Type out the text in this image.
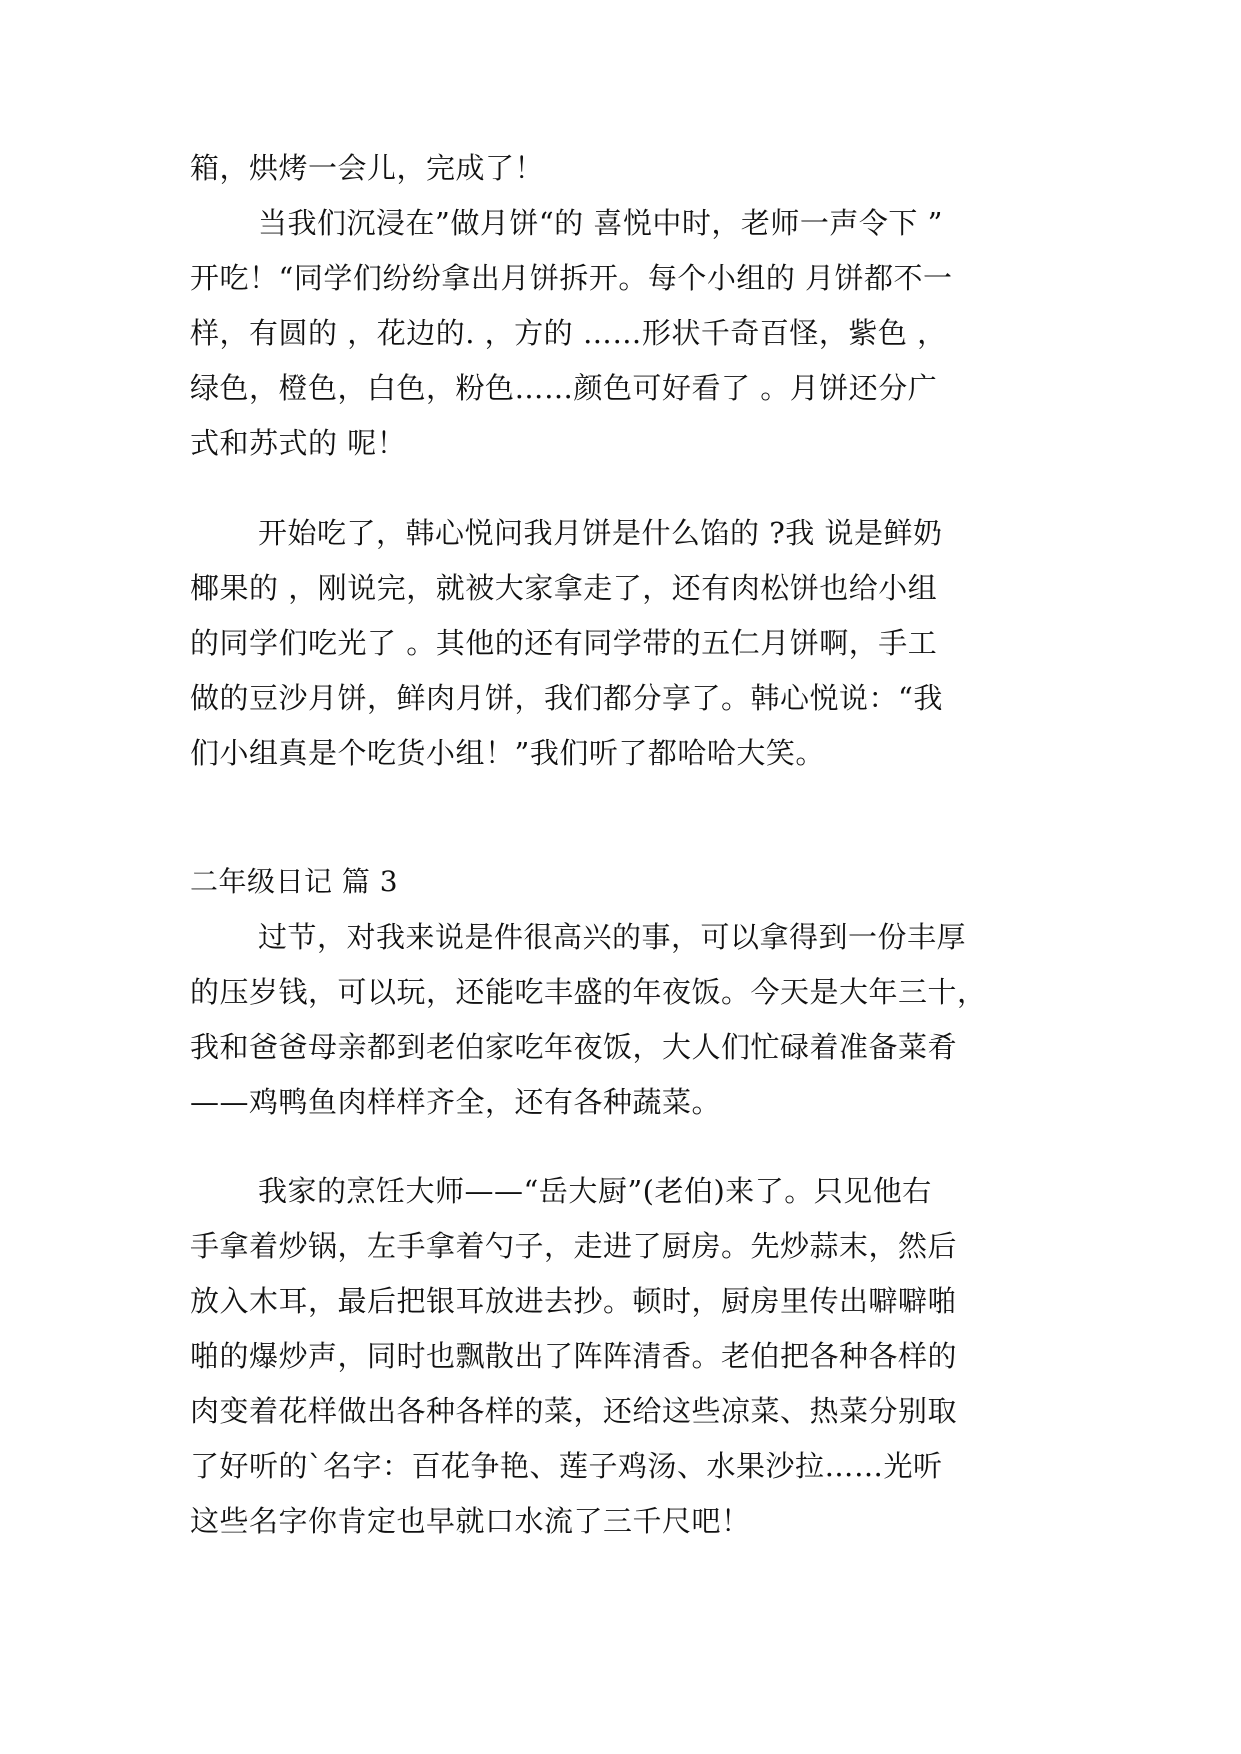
箱，烘烤一会儿，完成了！
当我们沉浸在”做月饼“的 喜悦中时，老师一声令下 ”
开吃！“同学们纷纷拿出月饼拆开。每个小组的 月饼都不一
样，有圆的 ，花边的. ，方的 ……形状千奇百怪，紫色 ，
绿色，橙色，白色，粉色……颜色可好看了 。月饼还分广
式和苏式的 呢！
开始吃了，韩心悦问我月饼是什么馅的 ?我 说是鲜奶
椰果的 ，刚说完，就被大家拿走了，还有肉松饼也给小组
的同学们吃光了 。其他的还有同学带的五仁月饼啊，手工
做的豆沙月饼，鲜肉月饼，我们都分享了。韩心悦说：“我
们小组真是个吃货小组！”我们听了都哈哈大笑。
二年级日记 篇 3
过节，对我来说是件很高兴的事，可以拿得到一份丰厚
的压岁钱，可以玩，还能吃丰盛的年夜饭。今天是大年三十，
我和爸爸母亲都到老伯家吃年夜饭，大人们忙碌着准备菜肴
——鸡鸭鱼肉样样齐全，还有各种蔬菜。
我家的烹饪大师——“岳大厨”(老伯)来了。只见他右
手拿着炒锅，左手拿着勺子，走进了厨房。先炒蒜末，然后
放入木耳，最后把银耳放进去抄。顿时，厨房里传出噼噼啪
啪的爆炒声，同时也飘散出了阵阵清香。老伯把各种各样的
肉变着花样做出各种各样的菜，还给这些凉菜、热菜分别取
了好听的`名字：百花争艳、莲子鸡汤、水果沙拉……光听
这些名字你肯定也早就口水流了三千尺吧！
